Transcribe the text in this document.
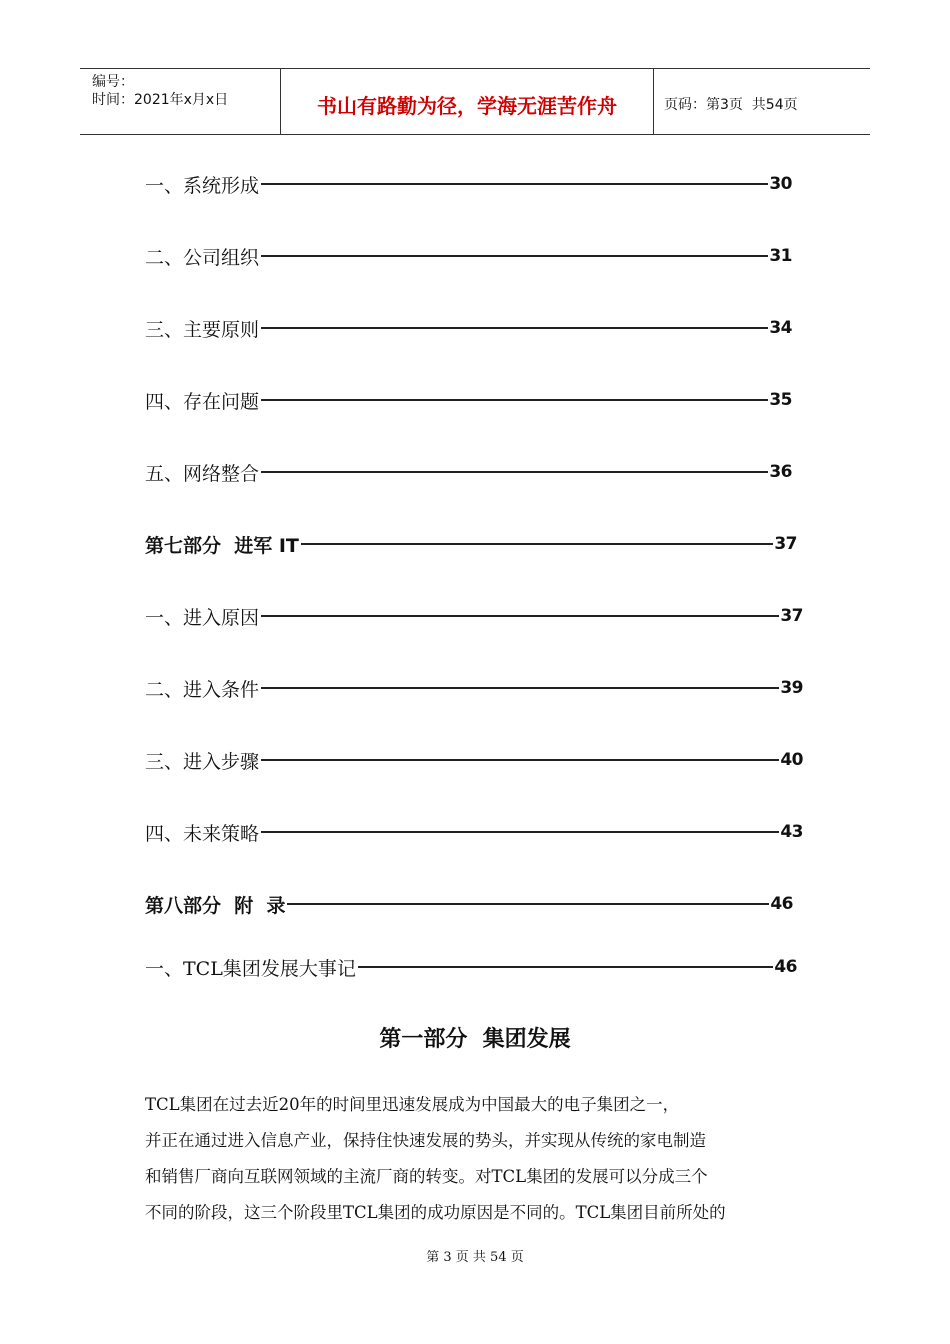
编号：
时间：2021年x月x日	书山有路勤为径，学海无涯苦作舟	页码：第3页  共54页
一、系统形成	30
二、公司组织	31
三、主要原则	34
四、存在问题	35
五、网络整合	36
第七部分  进军 IT	37
一、进入原因	37
二、进入条件	39
三、进入步骤	40
四、未来策略	43
第八部分  附  录	46
一、TCL集团发展大事记	46
第一部分  集团发展

TCL集团在过去近20年的时间里迅速发展成为中国最大的电子集团之一，

并正在通过进入信息产业，保持住快速发展的势头，并实现从传统的家电制造

和销售厂商向互联网领域的主流厂商的转变。对TCL集团的发展可以分成三个

不同的阶段，这三个阶段里TCL集团的成功原因是不同的。TCL集团目前所处的

第 3 页 共 54 页
